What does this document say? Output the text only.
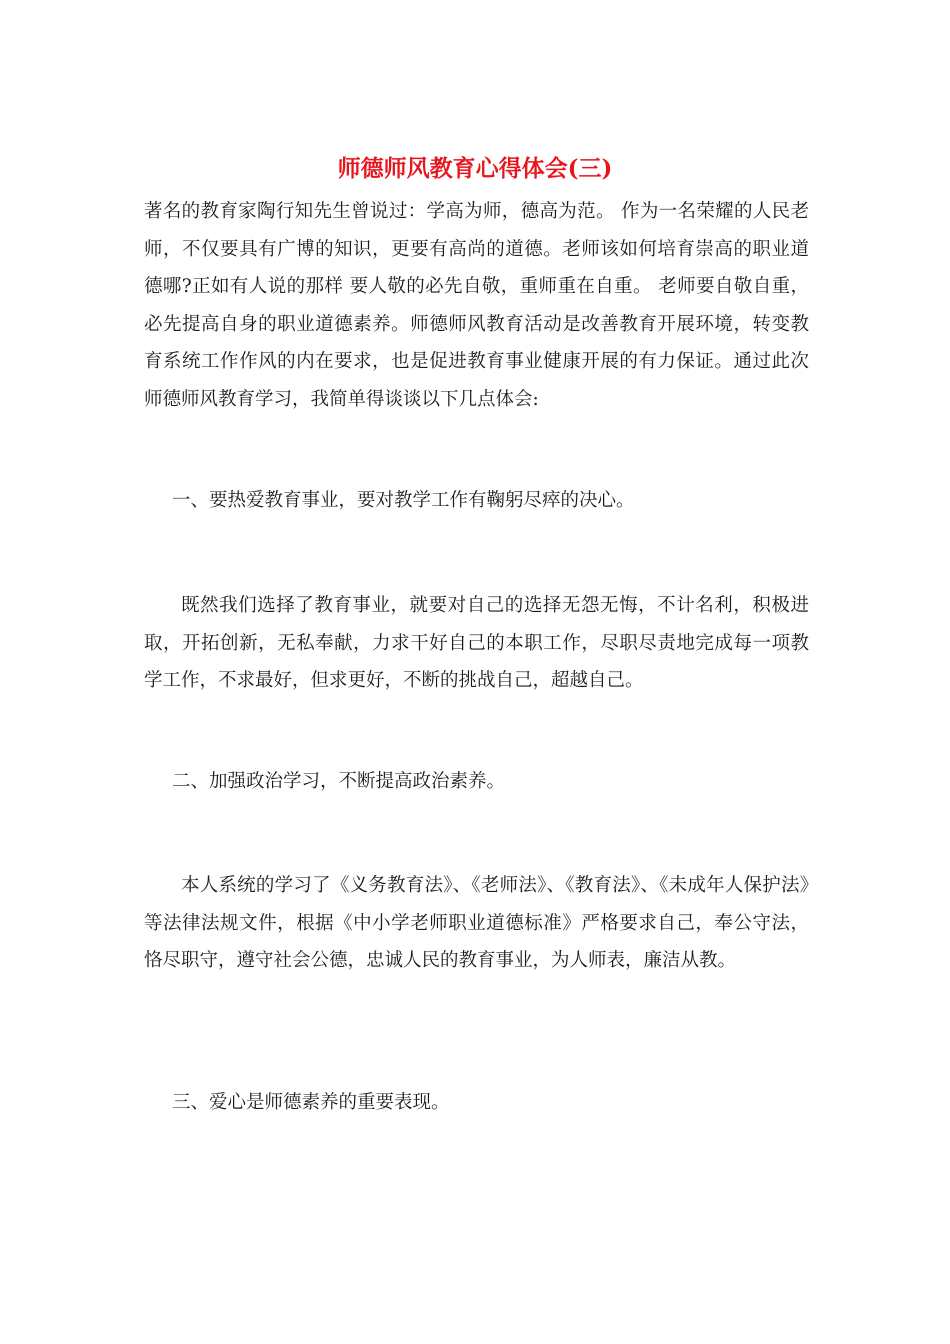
师德师风教育心得体会(三)

著名的教育家陶行知先生曾说过：学高为师，德高为范。 作为一名荣耀的人民老师，不仅要具有广博的知识，更要有高尚的道德。老师该如何培育崇高的职业道德哪?正如有人说的那样 要人敬的必先自敬，重师重在自重。 老师要自敬自重，必先提高自身的职业道德素养。师德师风教育活动是改善教育开展环境，转变教育系统工作作风的内在要求，也是促进教育事业健康开展的有力保证。通过此次师德师风教育学习，我简单得谈谈以下几点体会:

一、要热爱教育事业，要对教学工作有鞠躬尽瘁的决心。

既然我们选择了教育事业，就要对自己的选择无怨无悔，不计名利，积极进取，开拓创新，无私奉献，力求干好自己的本职工作，尽职尽责地完成每一项教学工作，不求最好，但求更好，不断的挑战自己，超越自己。

二、加强政治学习，不断提高政治素养。

本人系统的学习了《义务教育法》、《老师法》、《教育法》、《未成年人保护法》等法律法规文件，根据《中小学老师职业道德标准》严格要求自己，奉公守法，恪尽职守，遵守社会公德，忠诚人民的教育事业，为人师表，廉洁从教。

三、爱心是师德素养的重要表现。
